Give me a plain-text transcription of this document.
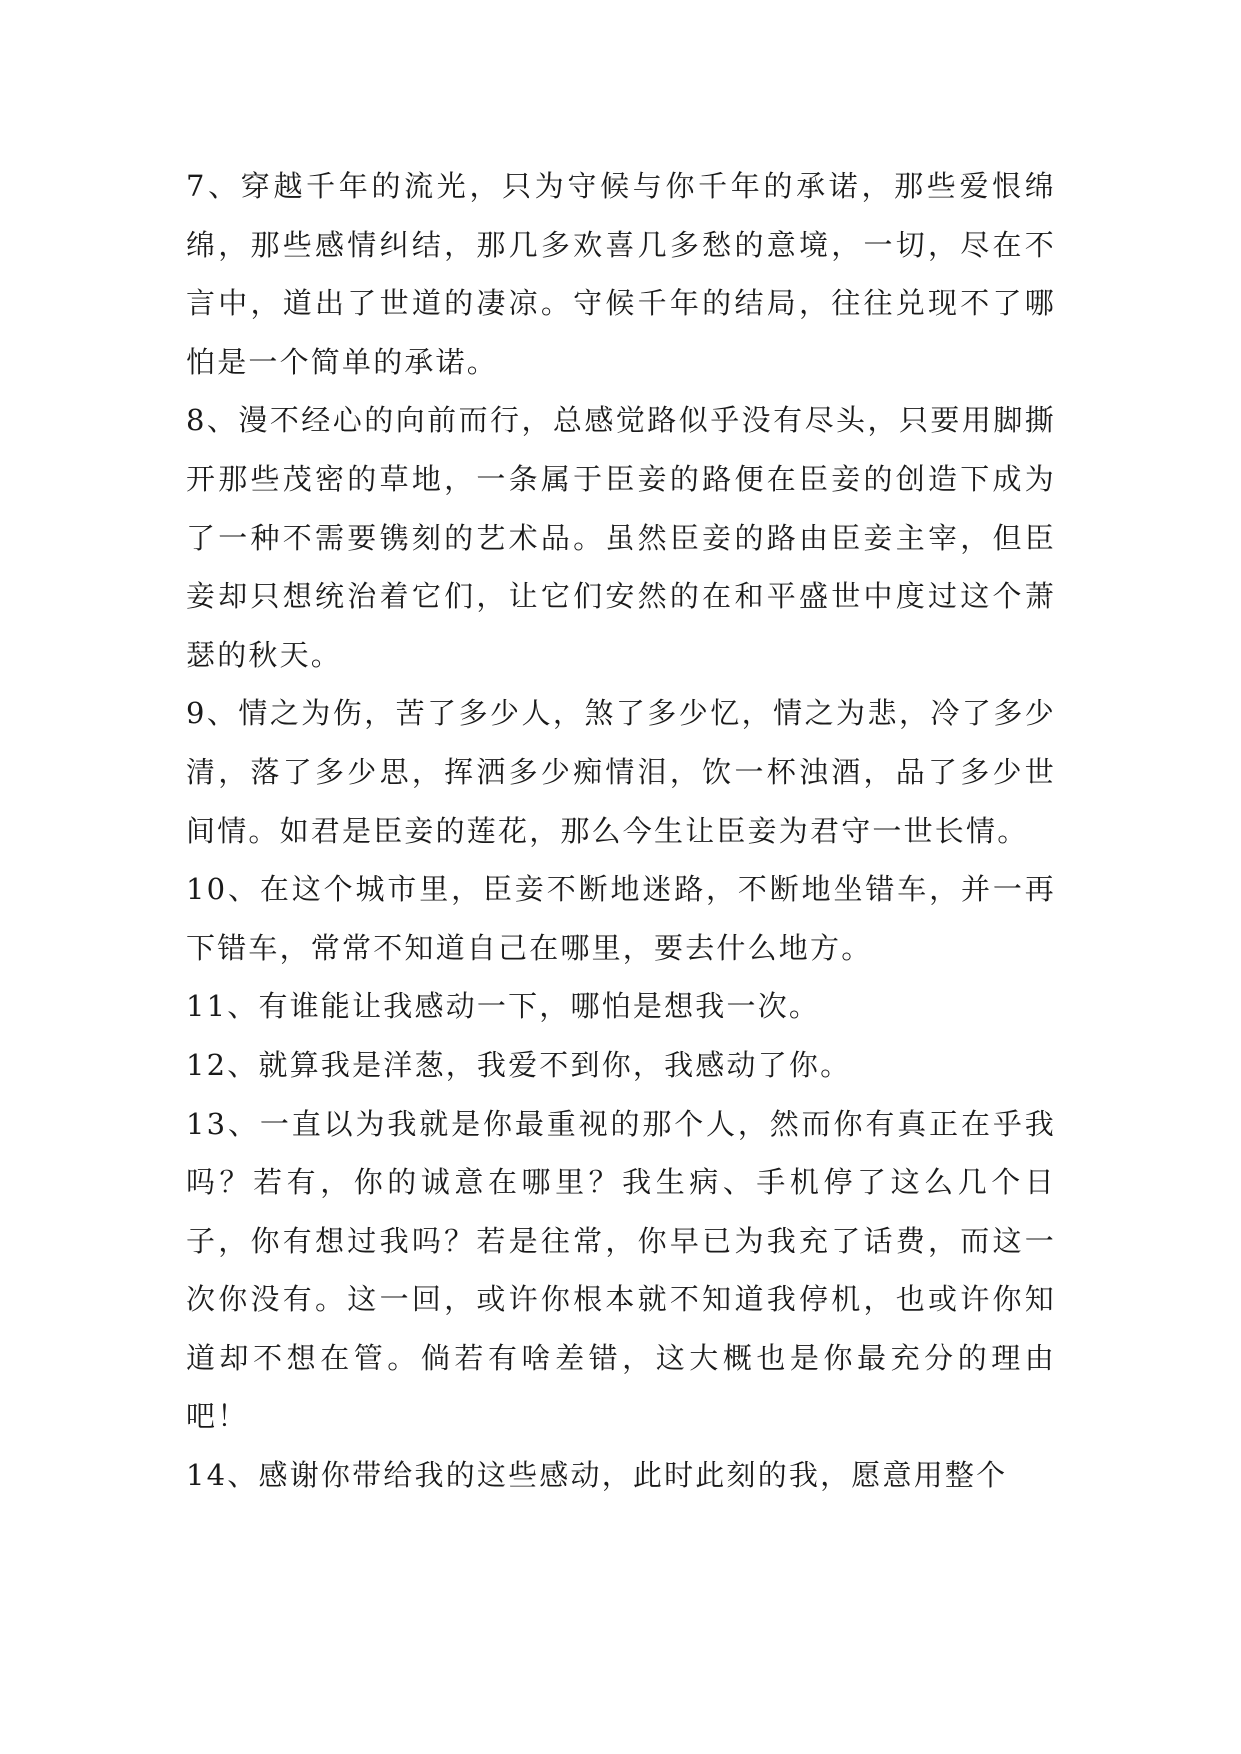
7、穿越千年的流光，只为守候与你千年的承诺，那些爱恨绵绵，那些感情纠结，那几多欢喜几多愁的意境，一切，尽在不言中，道出了世道的凄凉。守候千年的结局，往往兑现不了哪怕是一个简单的承诺。

8、漫不经心的向前而行，总感觉路似乎没有尽头，只要用脚撕开那些茂密的草地，一条属于臣妾的路便在臣妾的创造下成为了一种不需要镌刻的艺术品。虽然臣妾的路由臣妾主宰，但臣妾却只想统治着它们，让它们安然的在和平盛世中度过这个萧瑟的秋天。

9、情之为伤，苦了多少人，煞了多少忆，情之为悲，冷了多少清，落了多少思，挥洒多少痴情泪，饮一杯浊酒，品了多少世间情。如君是臣妾的莲花，那么今生让臣妾为君守一世长情。

10、在这个城市里，臣妾不断地迷路，不断地坐错车，并一再下错车，常常不知道自己在哪里，要去什么地方。

11、有谁能让我感动一下，哪怕是想我一次。

12、就算我是洋葱，我爱不到你，我感动了你。

13、一直以为我就是你最重视的那个人，然而你有真正在乎我吗？若有，你的诚意在哪里？我生病、手机停了这么几个日子，你有想过我吗？若是往常，你早已为我充了话费，而这一次你没有。这一回，或许你根本就不知道我停机，也或许你知道却不想在管。倘若有啥差错，这大概也是你最充分的理由吧！

14、感谢你带给我的这些感动，此时此刻的我，愿意用整个
